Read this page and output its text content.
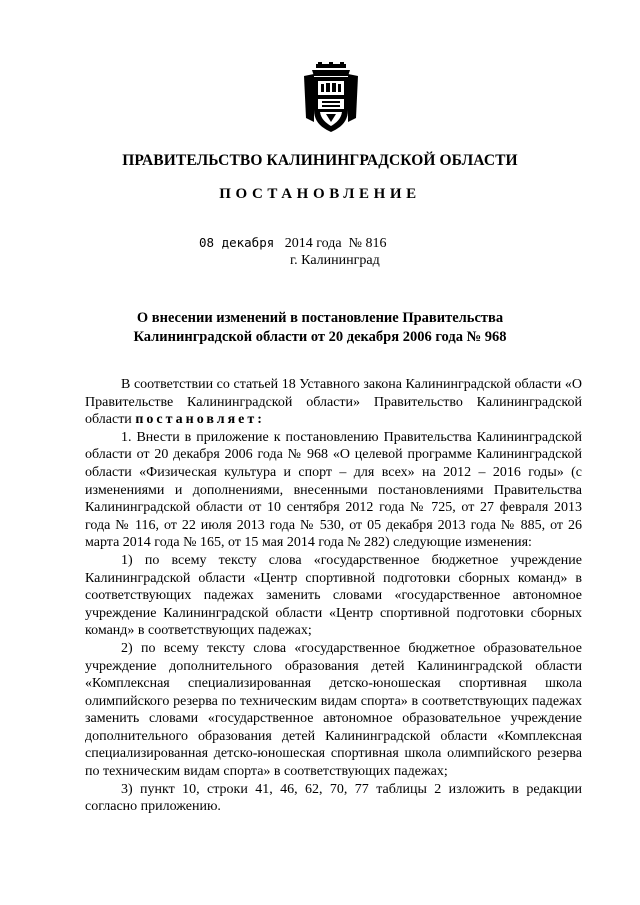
ПРАВИТЕЛЬСТВО КАЛИНИНГРАДСКОЙ ОБЛАСТИ
ПОСТАНОВЛЕНИЕ
08 декабря 2014 года № 816
г. Калининград
О внесении изменений в постановление Правительства
Калининградской области от 20 декабря 2006 года № 968

В соответствии со статьей 18 Уставного закона Калининградской области «О Правительстве Калининградской области» Правительство Калининградской области постановляет:

1. Внести в приложение к постановлению Правительства Калининградской области от 20 декабря 2006 года № 968 «О целевой программе Калининградской области «Физическая культура и спорт – для всех» на 2012 – 2016 годы» (с изменениями и дополнениями, внесенными постановлениями Правительства Калининградской области от 10 сентября 2012 года № 725, от 27 февраля 2013 года № 116, от 22 июля 2013 года № 530, от 05 декабря 2013 года № 885, от 26 марта 2014 года № 165, от 15 мая 2014 года № 282) следующие изменения:

1) по всему тексту слова «государственное бюджетное учреждение Калининградской области «Центр спортивной подготовки сборных команд» в соответствующих падежах заменить словами «государственное автономное учреждение Калининградской области «Центр спортивной подготовки сборных команд» в соответствующих падежах;

2) по всему тексту слова «государственное бюджетное образовательное учреждение дополнительного образования детей Калининградской области «Комплексная специализированная детско-юношеская спортивная школа олимпийского резерва по техническим видам спорта» в соответствующих падежах заменить словами «государственное автономное образовательное учреждение дополнительного образования детей Калининградской области «Комплексная специализированная детско-юношеская спортивная школа олимпийского резерва по техническим видам спорта» в соответствующих падежах;

3) пункт 10, строки 41, 46, 62, 70, 77 таблицы 2 изложить в редакции согласно приложению.
